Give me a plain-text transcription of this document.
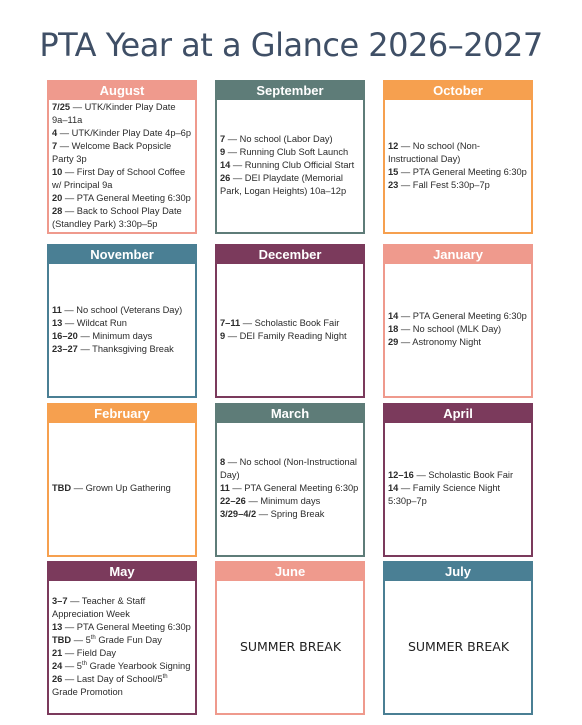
PTA Year at a Glance 2026–2027
August
7/25 — UTK/Kinder Play Date 9a–11a
4 — UTK/Kinder Play Date 4p–6p
7 — Welcome Back Popsicle Party 3p
10 — First Day of School Coffee w/ Principal 9a
20 — PTA General Meeting 6:30p
28 — Back to School Play Date (Standley Park) 3:30p–5p
September
7 — No school (Labor Day)
9 — Running Club Soft Launch
14 — Running Club Official Start
26 — DEI Playdate (Memorial Park, Logan Heights) 10a–12p
October
12 — No school (Non-Instructional Day)
15 — PTA General Meeting 6:30p
23 — Fall Fest 5:30p–7p
November
11 — No school (Veterans Day)
13 — Wildcat Run
16–20 — Minimum days
23–27 — Thanksgiving Break
December
7–11 — Scholastic Book Fair
9 — DEI Family Reading Night
January
14 — PTA General Meeting 6:30p
18 — No school (MLK Day)
29 — Astronomy Night
February
TBD — Grown Up Gathering
March
8 — No school (Non-Instructional Day)
11 — PTA General Meeting 6:30p
22–26 — Minimum days
3/29–4/2 — Spring Break
April
12–16 — Scholastic Book Fair
14 — Family Science Night 5:30p–7p
May
3–7 — Teacher & Staff Appreciation Week
13 — PTA General Meeting 6:30p
TBD — 5th Grade Fun Day
21 — Field Day
24 — 5th Grade Yearbook Signing
26 — Last Day of School/5th Grade Promotion
June
SUMMER BREAK
July
SUMMER BREAK
